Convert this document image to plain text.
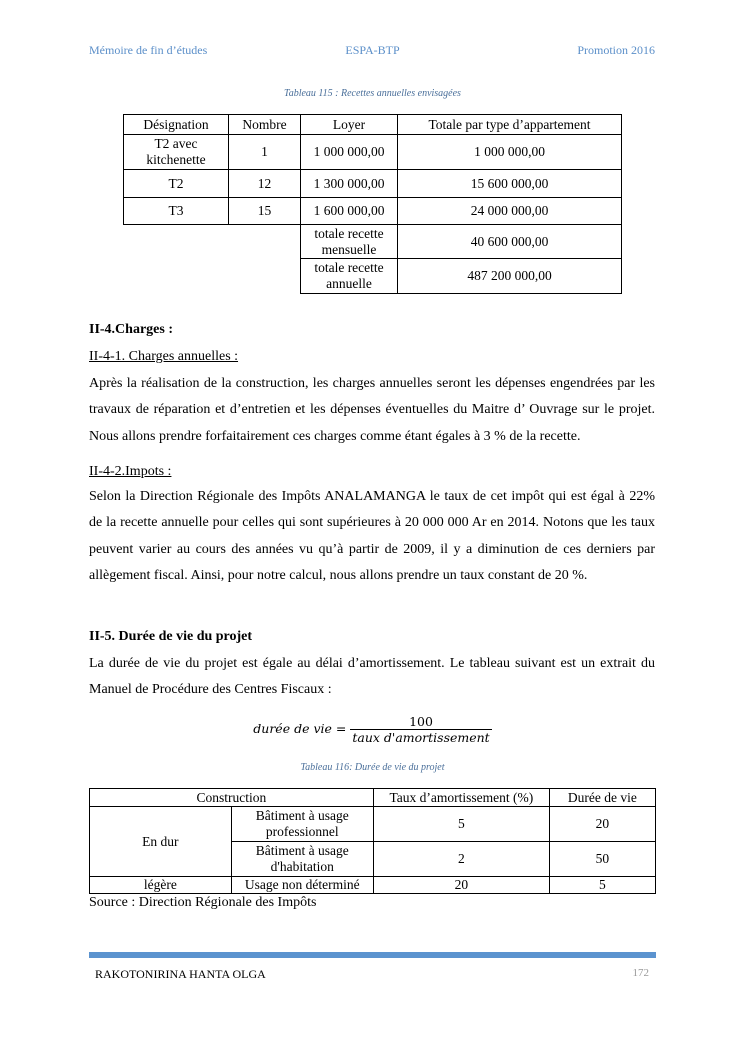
Mémoire de fin d’études	ESPA-BTP	Promotion 2016
Tableau 115 : Recettes annuelles envisagées
Désignation	Nombre	Loyer	Totale par type d’appartement
T2 avec kitchenette	1	1 000 000,00	1 000 000,00
T2	12	1 300 000,00	15 600 000,00
T3	15	1 600 000,00	24 000 000,00
		totale recette mensuelle	40 600 000,00
		totale recette annuelle	487 200 000,00
II-4.Charges :
II-4-1. Charges annuelles :
Après la réalisation de la construction, les charges annuelles seront les dépenses engendrées par les travaux de réparation et d’entretien et les dépenses éventuelles du Maitre d’ Ouvrage sur le projet. Nous allons prendre forfaitairement ces charges comme étant égales à 3 % de la recette.
II-4-2.Impots :
Selon la Direction Régionale des Impôts ANALAMANGA le taux de cet impôt qui est égal à 22% de la recette annuelle pour celles qui sont supérieures à 20 000 000 Ar en 2014. Notons que les taux peuvent varier au cours des années vu qu’à partir de 2009, il y a diminution de ces derniers par allègement fiscal. Ainsi, pour notre calcul, nous allons prendre un taux constant de 20 %.
II-5. Durée de vie du projet
La durée de vie du projet est égale au délai d’amortissement. Le tableau suivant est un extrait du Manuel de Procédure des Centres Fiscaux :
durée de vie = $\frac{100}{\text{taux d'amortissement}}$
Tableau 116: Durée de vie du projet
Construction		Taux d’amortissement (%)	Durée de vie
En dur	Bâtiment à usage professionnel	5	20
	Bâtiment à usage d'habitation	2	50
légère	Usage non déterminé	20	5
Source : Direction Régionale des Impôts
RAKOTONIRINA HANTA OLGA	172
